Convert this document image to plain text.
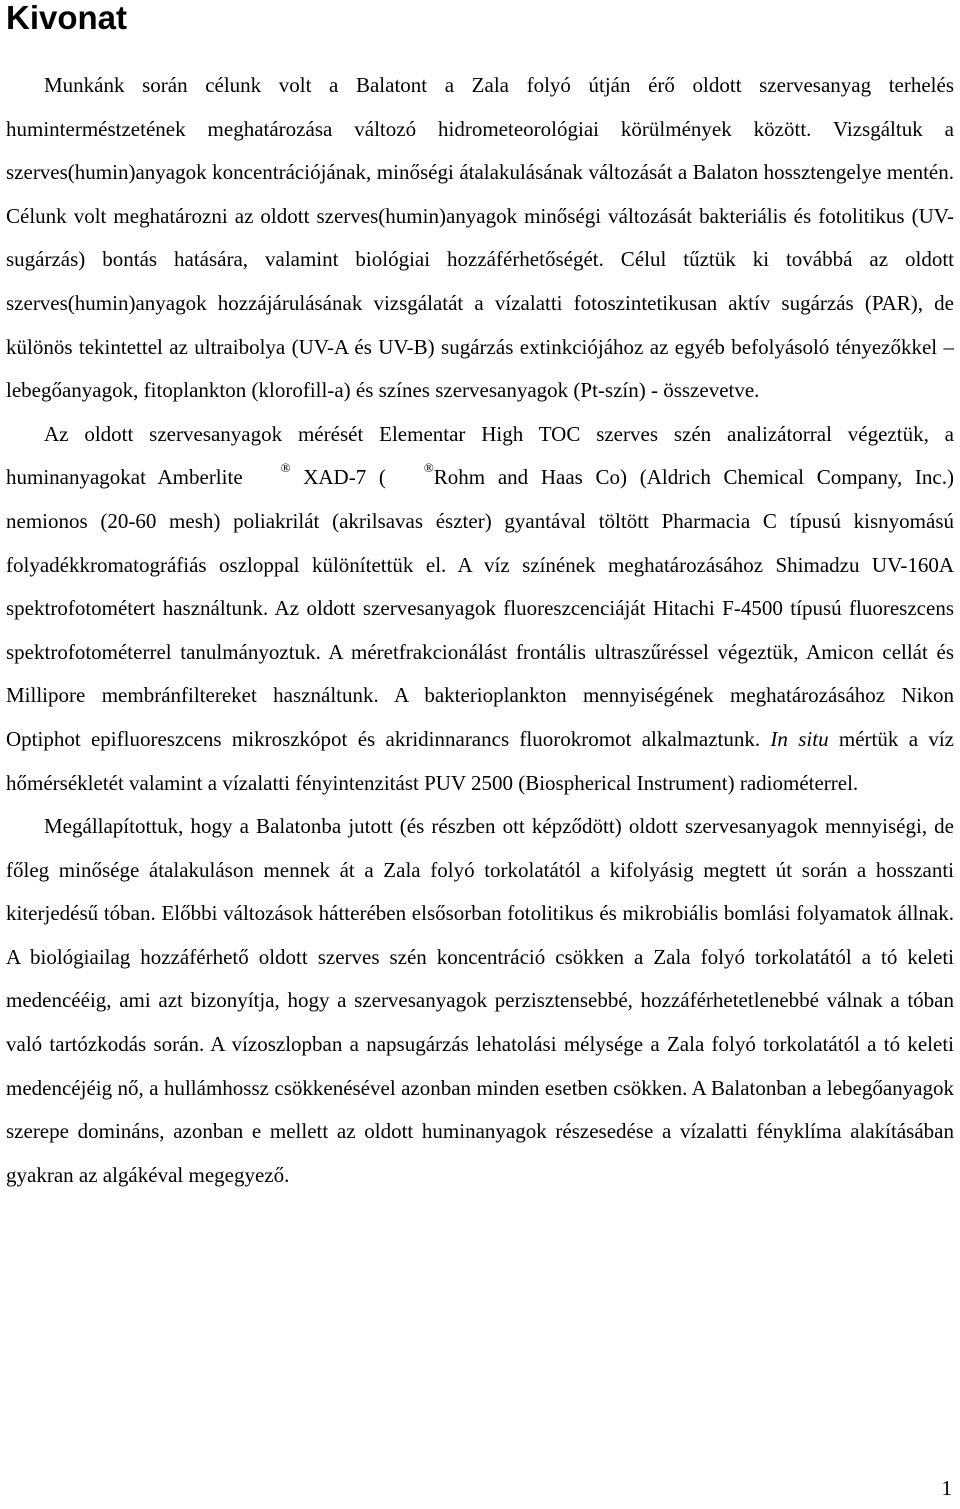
Kivonat

Munkánk során célunk volt a Balatont a Zala folyó útján érő oldott szervesanyag terhelés huminterméstzetének meghatározása változó hidrometeorológiai körülmények között. Vizsgáltuk a szerves(humin)anyagok koncentrációjának, minőségi átalakulásának változását a Balaton hossztengelye mentén. Célunk volt meghatározni az oldott szerves(humin)anyagok minőségi változását bakteriális és fotolitikus (UV-sugárzás) bontás hatására, valamint biológiai hozzáférhetőségét. Célul tűztük ki továbbá az oldott szerves(humin)anyagok hozzájárulásának vizsgálatát a vízalatti fotoszintetikusan aktív sugárzás (PAR), de különös tekintettel az ultraibolya (UV-A és UV-B) sugárzás extinkciójához az egyéb befolyásoló tényezőkkel – lebegőanyagok, fitoplankton (klorofill-a) és színes szervesanyagok (Pt-szín) - összevetve.

Az oldott szervesanyagok mérését Elementar High TOC szerves szén analizátorral végeztük, a huminanyagokat Amberlite	® XAD-7 (	®Rohm and Haas Co) (Aldrich Chemical Company, Inc.) nemionos (20-60 mesh) poliakrilát (akrilsavas észter) gyantával töltött Pharmacia C típusú kisnyomású folyadékkromatográfiás oszloppal különítettük el. A víz színének meghatározásához Shimadzu UV-160A spektrofotométert használtunk. Az oldott szervesanyagok fluoreszcenciáját Hitachi F-4500 típusú fluoreszcens spektrofotométerrel tanulmányoztuk. A méretfrakcionálást frontális ultraszűréssel végeztük, Amicon cellát és Millipore membránfiltereket használtunk. A bakterioplankton mennyiségének meghatározásához Nikon Optiphot epifluoreszcens mikroszkópot és akridinnarancs fluorokromot alkalmaztunk. In situ mértük a víz hőmérsékletét valamint a vízalatti fényintenzitást PUV 2500 (Biospherical Instrument) radiométerrel.

Megállapítottuk, hogy a Balatonba jutott (és részben ott képződött) oldott szervesanyagok mennyiségi, de főleg minősége átalakuláson mennek át a Zala folyó torkolatától a kifolyásig megtett út során a hosszanti kiterjedésű tóban. Előbbi változások hátterében elsősorban fotolitikus és mikrobiális bomlási folyamatok állnak. A biológiailag hozzáférhető oldott szerves szén koncentráció csökken a Zala folyó torkolatától a tó keleti medencééig, ami azt bizonyítja, hogy a szervesanyagok perzisztensebbé, hozzáférhetetlenebbé válnak a tóban való tartózkodás során. A vízoszlopban a napsugárzás lehatolási mélysége a Zala folyó torkolatától a tó keleti medencéjéig nő, a hullámhossz csökkenésével azonban minden esetben csökken. A Balatonban a lebegőanyagok szerepe domináns, azonban e mellett az oldott huminanyagok részesedése a vízalatti fényklíma alakításában gyakran az algákéval megegyező.

1
